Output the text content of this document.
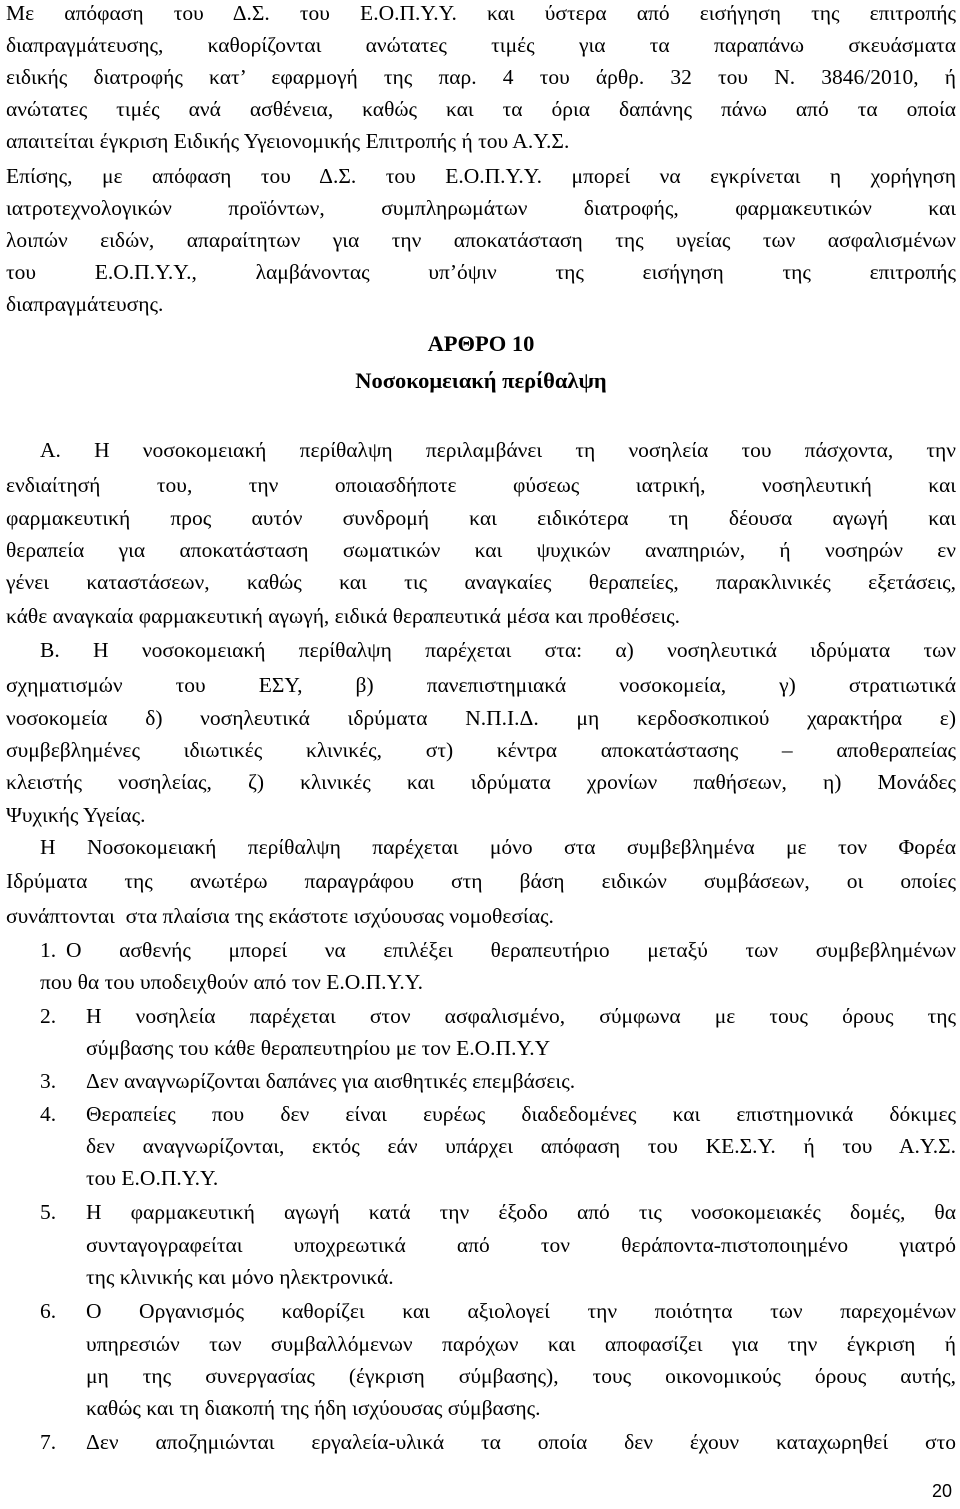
Με απόφαση του Δ.Σ. του Ε.Ο.Π.Υ.Υ. και ύστερα από εισήγηση της επιτροπής
διαπραγμάτευσης, καθορίζονται ανώτατες τιμές για τα παραπάνω σκευάσματα
ειδικής διατροφής κατ’ εφαρμογή της παρ. 4 του άρθρ. 32 του Ν. 3846/2010, ή
ανώτατες τιμές ανά ασθένεια, καθώς και τα όρια δαπάνης πάνω από τα οποία
απαιτείται έγκριση Ειδικής Υγειονομικής Επιτροπής ή του Α.Υ.Σ.
Επίσης, με απόφαση του Δ.Σ. του Ε.Ο.Π.Υ.Υ. μπορεί να εγκρίνεται η χορήγηση
ιατροτεχνολογικών προϊόντων, συμπληρωμάτων διατροφής, φαρμακευτικών και
λοιπών ειδών, απαραίτητων για την αποκατάσταση της υγείας των ασφαλισμένων
του Ε.Ο.Π.Υ.Υ., λαμβάνοντας υπ’όψιν της εισήγηση της επιτροπής
διαπραγμάτευσης.
ΑΡΘΡΟ 10
Νοσοκομειακή περίθαλψη
Α. Η νοσοκομειακή περίθαλψη περιλαμβάνει τη νοσηλεία του πάσχοντα, την
ενδιαίτησή του, την οποιασδήποτε φύσεως ιατρική, νοσηλευτική και
φαρμακευτική προς αυτόν συνδρομή και ειδικότερα τη δέουσα αγωγή και
θεραπεία για αποκατάσταση σωματικών και ψυχικών αναπηριών, ή νοσηρών εν
γένει καταστάσεων, καθώς και τις αναγκαίες θεραπείες, παρακλινικές εξετάσεις,
κάθε αναγκαία φαρμακευτική αγωγή, ειδικά θεραπευτικά μέσα και προθέσεις.
Β. Η νοσοκομειακή περίθαλψη παρέχεται στα: α) νοσηλευτικά ιδρύματα των
σχηματισμών του ΕΣΥ, β) πανεπιστημιακά νοσοκομεία, γ) στρατιωτικά
νοσοκομεία δ) νοσηλευτικά ιδρύματα Ν.Π.Ι.Δ. μη κερδοσκοπικού χαρακτήρα ε)
συμβεβλημένες ιδιωτικές κλινικές, στ) κέντρα αποκατάστασης – αποθεραπείας
κλειστής νοσηλείας, ζ) κλινικές και ιδρύματα χρονίων παθήσεων, η) Μονάδες
Ψυχικής Υγείας.
Η Νοσοκομειακή περίθαλψη παρέχεται μόνο στα συμβεβλημένα με τον Φορέα
Ιδρύματα της ανωτέρω παραγράφου στη βάση ειδικών συμβάσεων, οι οποίες
συνάπτονται  στα πλαίσια της εκάστοτε ισχύουσας νομοθεσίας.
1. Ο ασθενής μπορεί να επιλέξει θεραπευτήριο μεταξύ των συμβεβλημένων
που θα του υποδειχθούν από τον Ε.Ο.Π.Υ.Υ.
2. Η νοσηλεία παρέχεται στον ασφαλισμένο, σύμφωνα με τους όρους της
σύμβασης του κάθε θεραπευτηρίου με τον Ε.Ο.Π.Υ.Υ
3. Δεν αναγνωρίζονται δαπάνες για αισθητικές επεμβάσεις.
4. Θεραπείες που δεν είναι ευρέως διαδεδομένες και επιστημονικά δόκιμες
δεν αναγνωρίζονται, εκτός εάν υπάρχει απόφαση του ΚΕ.Σ.Υ. ή του Α.Υ.Σ.
του Ε.Ο.Π.Υ.Υ.
5. Η φαρμακευτική αγωγή κατά την έξοδο από τις νοσοκομειακές δομές, θα
συνταγογραφείται υποχρεωτικά από τον θεράποντα-πιστοποιημένο γιατρό
της κλινικής και μόνο ηλεκτρονικά.
6. Ο Οργανισμός καθορίζει και αξιολογεί την ποιότητα των παρεχομένων
υπηρεσιών των συμβαλλόμενων παρόχων και αποφασίζει για την έγκριση ή
μη της συνεργασίας (έγκριση σύμβασης), τους οικονομικούς όρους αυτής,
καθώς και τη διακοπή της ήδη ισχύουσας σύμβασης.
7. Δεν αποζημιώνται εργαλεία-υλικά τα οποία δεν έχουν καταχωρηθεί στο
20
